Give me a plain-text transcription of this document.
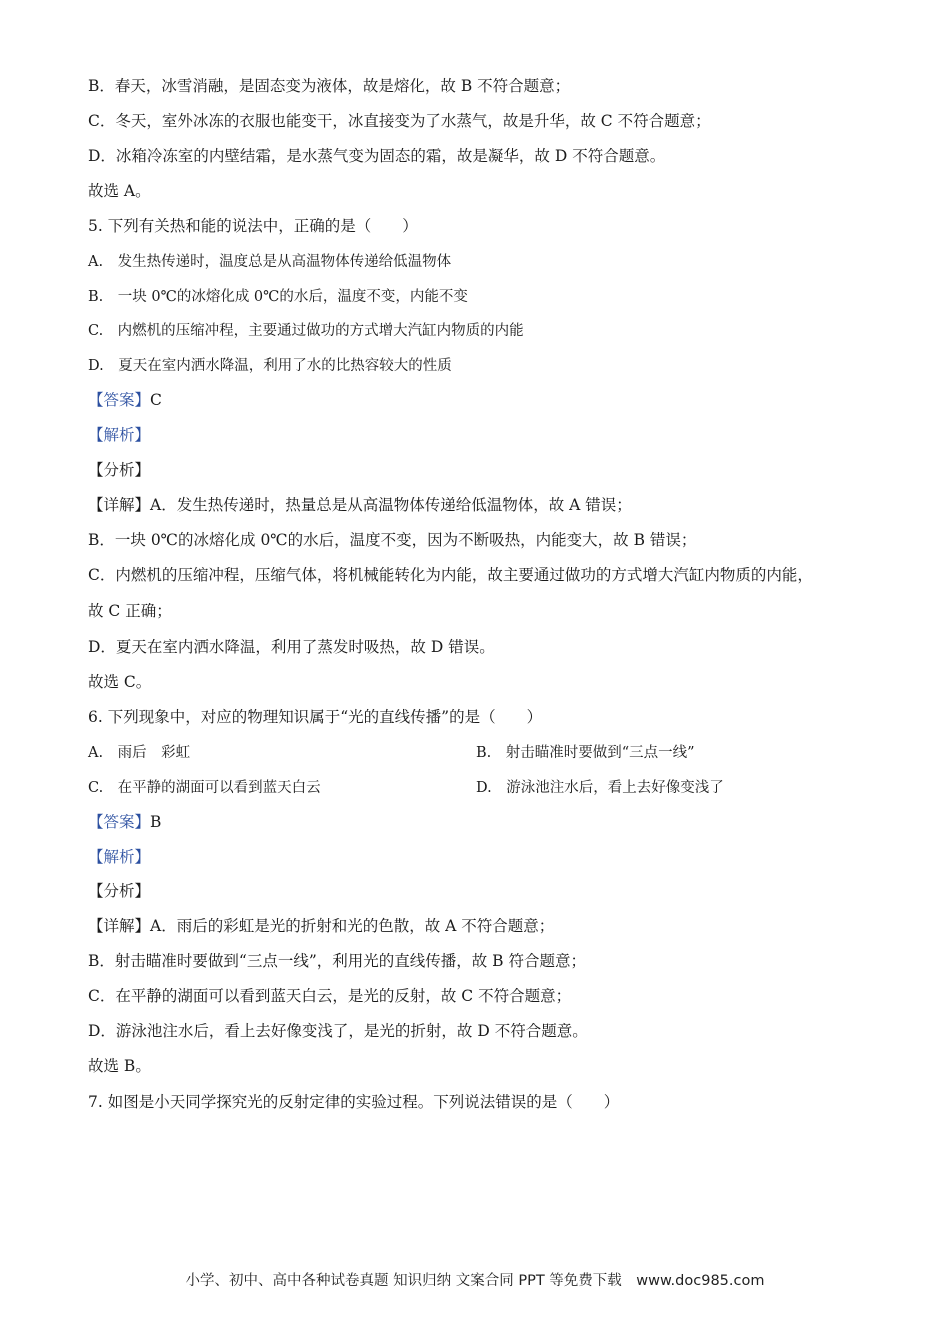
B．春天，冰雪消融，是固态变为液体，故是熔化，故 B 不符合题意；
C．冬天，室外冰冻的衣服也能变干，冰直接变为了水蒸气，故是升华，故 C 不符合题意；
D．冰箱冷冻室的内壁结霜，是水蒸气变为固态的霜，故是凝华，故 D 不符合题意。
故选 A。
5. 下列有关热和能的说法中，正确的是（　　）
A.　发生热传递时，温度总是从高温物体传递给低温物体
B.　一块 0℃的冰熔化成 0℃的水后，温度不变，内能不变
C.　内燃机的压缩冲程，主要通过做功的方式增大汽缸内物质的内能
D.　夏天在室内洒水降温，利用了水的比热容较大的性质
【答案】C
【解析】
【分析】
【详解】A．发生热传递时，热量总是从高温物体传递给低温物体，故 A 错误；
B．一块 0℃的冰熔化成 0℃的水后，温度不变，因为不断吸热，内能变大，故 B 错误；
C．内燃机的压缩冲程，压缩气体，将机械能转化为内能，故主要通过做功的方式增大汽缸内物质的内能，
故 C 正确；
D．夏天在室内洒水降温，利用了蒸发时吸热，故 D 错误。
故选 C。
6. 下列现象中，对应的物理知识属于“光的直线传播”的是（　　）
A.　雨后　彩虹	B.　射击瞄准时要做到“三点一线”
C.　在平静的湖面可以看到蓝天白云	D.　游泳池注水后，看上去好像变浅了
【答案】B
【解析】
【分析】
【详解】A．雨后的彩虹是光的折射和光的色散，故 A 不符合题意；
B．射击瞄准时要做到“三点一线”，利用光的直线传播，故 B 符合题意；
C．在平静的湖面可以看到蓝天白云，是光的反射，故 C 不符合题意；
D．游泳池注水后，看上去好像变浅了，是光的折射，故 D 不符合题意。
故选 B。
7. 如图是小天同学探究光的反射定律的实验过程。下列说法错误的是（　　）
小学、初中、高中各种试卷真题 知识归纳 文案合同 PPT 等免费下载　www.doc985.com
